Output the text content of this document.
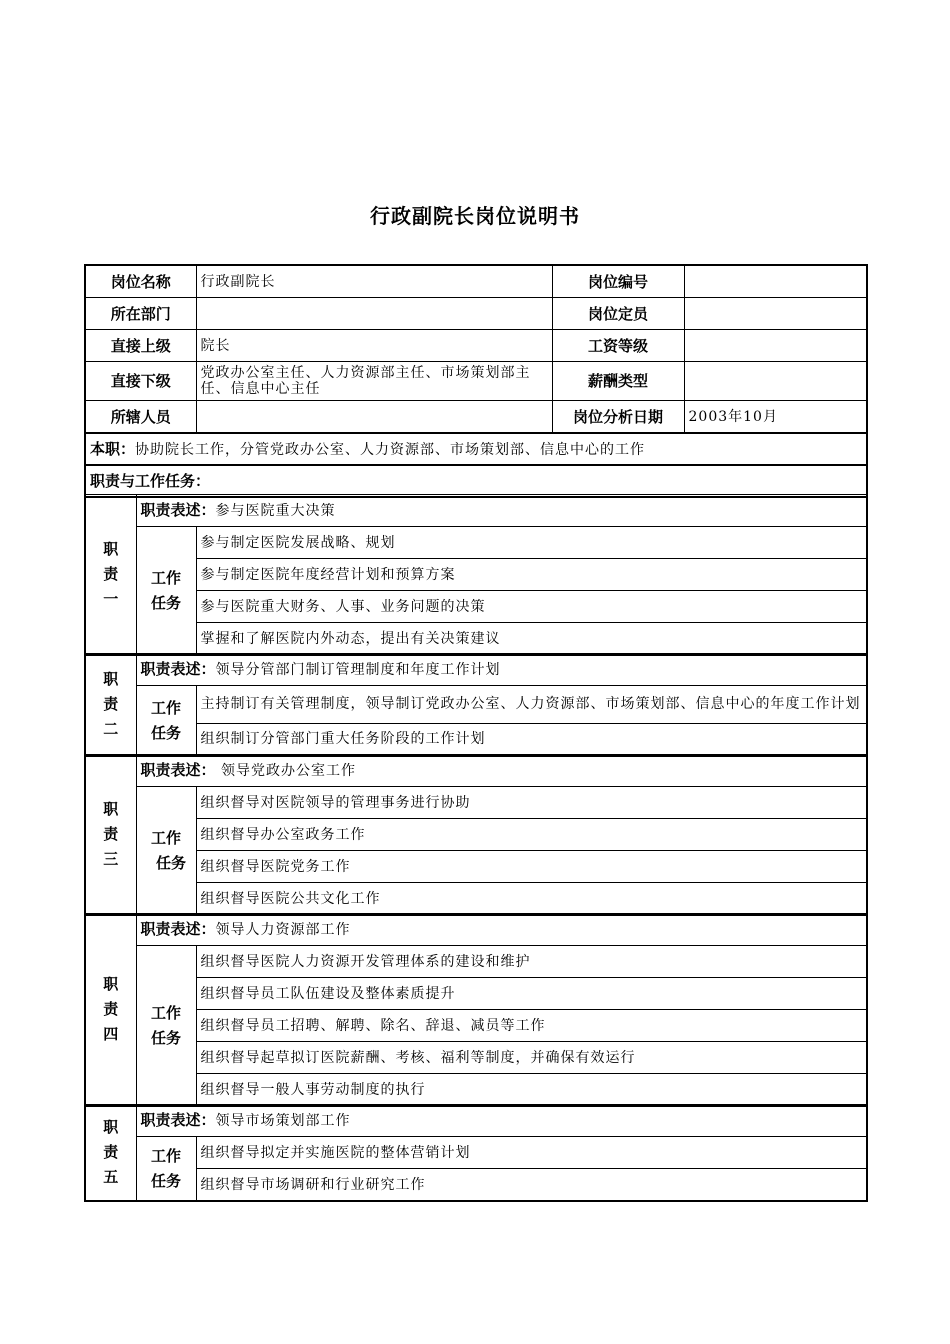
行政副院长岗位说明书
岗位名称	行政副院长	岗位编号	
所在部门		岗位定员	
直接上级	院长	工资等级	
直接下级	党政办公室主任、人力资源部主任、市场策划部主任、信息中心主任	薪酬类型	
所辖人员		岗位分析日期	2003年10月
本职：协助院长工作，分管党政办公室、人力资源部、市场策划部、信息中心的工作			
职责与工作任务：			
职
责
一	职责表述：参与医院重大决策	
	工作
任务	参与制定医院发展战略、规划
		参与制定医院年度经营计划和预算方案
		参与医院重大财务、人事、业务问题的决策
		掌握和了解医院内外动态，提出有关决策建议
职
责
二	职责表述：领导分管部门制订管理制度和年度工作计划	
	工作
任务	主持制订有关管理制度，领导制订党政办公室、人力资源部、市场策划部、信息中心的年度工作计划
		组织制订分管部门重大任务阶段的工作计划
职
责
三	职责表述： 领导党政办公室工作	
	工作
任务	组织督导对医院领导的管理事务进行协助
		组织督导办公室政务工作
		组织督导医院党务工作
		组织督导医院公共文化工作
职
责
四	职责表述：领导人力资源部工作	
	工作
任务	组织督导医院人力资源开发管理体系的建设和维护
		组织督导员工队伍建设及整体素质提升
		组织督导员工招聘、解聘、除名、辞退、减员等工作
		组织督导起草拟订医院薪酬、考核、福利等制度，并确保有效运行
		组织督导一般人事劳动制度的执行
职
责
五	职责表述：领导市场策划部工作	
	工作
任务	组织督导拟定并实施医院的整体营销计划
		组织督导市场调研和行业研究工作
